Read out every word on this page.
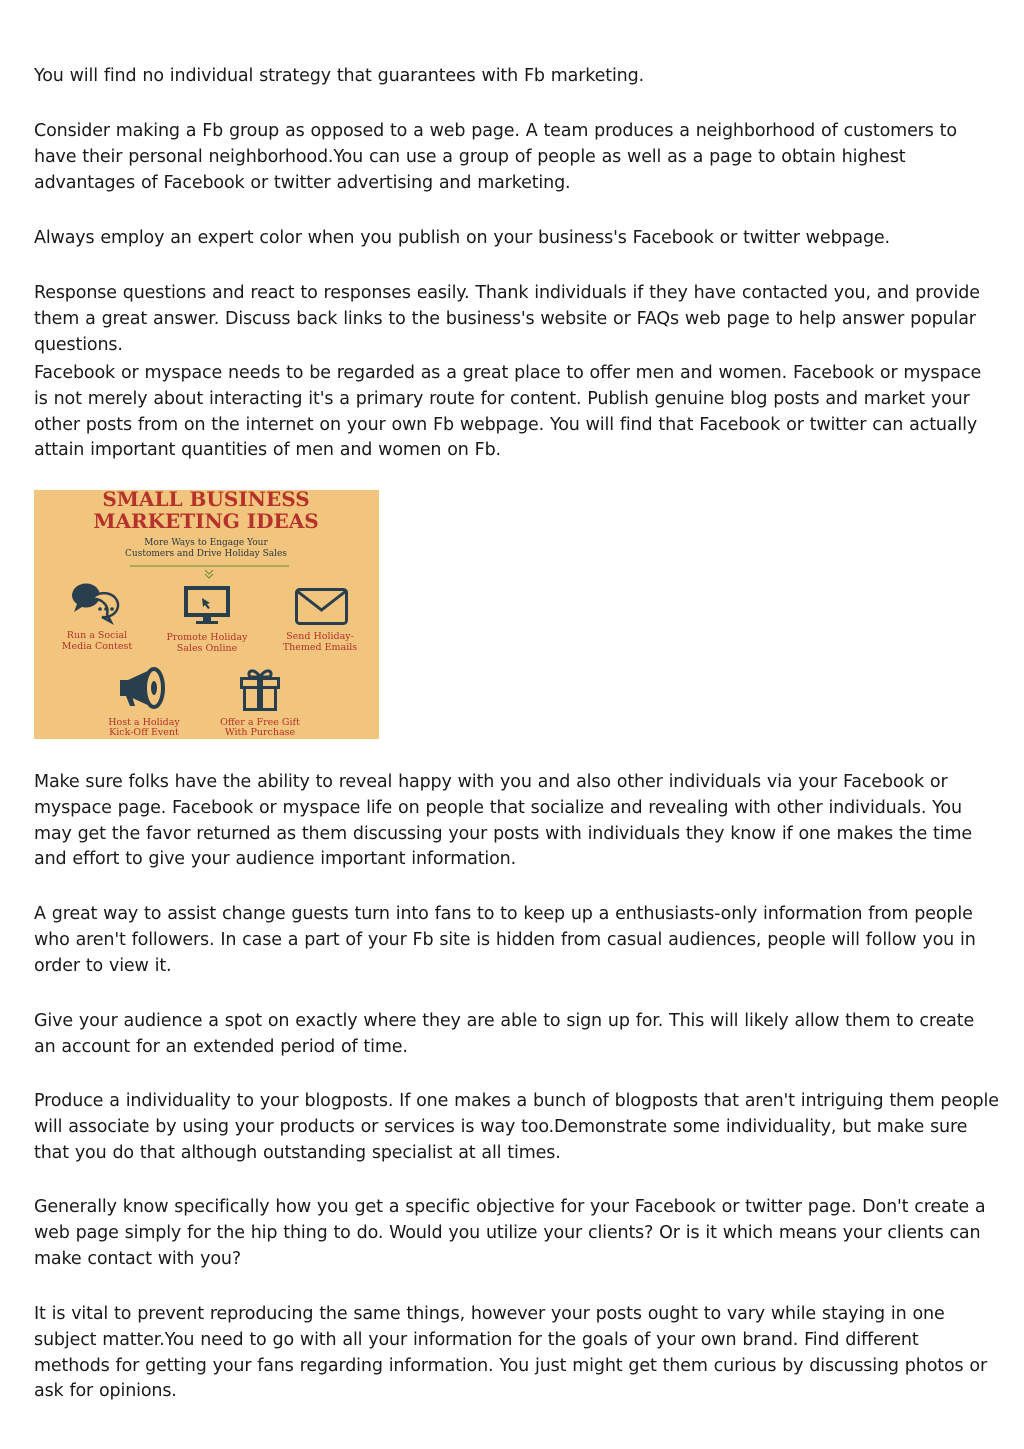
You will find no individual strategy that guarantees with Fb marketing.

Consider making a Fb group as opposed to a web page. A team produces a neighborhood of customers to have their personal neighborhood.You can use a group of people as well as a page to obtain highest advantages of Facebook or twitter advertising and marketing.

Always employ an expert color when you publish on your business's Facebook or twitter webpage.

Response questions and react to responses easily. Thank individuals if they have contacted you, and provide them a great answer. Discuss back links to the business's website or FAQs web page to help answer popular questions.

Facebook or myspace needs to be regarded as a great place to offer men and women. Facebook or myspace is not merely about interacting it's a primary route for content. Publish genuine blog posts and market your other posts from on the internet on your own Fb webpage. You will find that Facebook or twitter can actually attain important quantities of men and women on Fb.

SMALL BUSINESS
MARKETING IDEAS
More Ways to Engage Your
Customers and Drive Holiday Sales
Run a Social
Media Contest
Promote Holiday
Sales Online
Send Holiday-
Themed Emails
Host a Holiday
Kick-Off Event
Offer a Free Gift
With Purchase

Make sure folks have the ability to reveal happy with you and also other individuals via your Facebook or myspace page. Facebook or myspace life on people that socialize and revealing with other individuals. You may get the favor returned as them discussing your posts with individuals they know if one makes the time and effort to give your audience important information.

A great way to assist change guests turn into fans to to keep up a enthusiasts-only information from people who aren't followers. In case a part of your Fb site is hidden from casual audiences, people will follow you in order to view it.

Give your audience a spot on exactly where they are able to sign up for. This will likely allow them to create an account for an extended period of time.

Produce a individuality to your blogposts. If one makes a bunch of blogposts that aren't intriguing them people will associate by using your products or services is way too.Demonstrate some individuality, but make sure that you do that although outstanding specialist at all times.

Generally know specifically how you get a specific objective for your Facebook or twitter page. Don't create a web page simply for the hip thing to do. Would you utilize your clients? Or is it which means your clients can make contact with you?

It is vital to prevent reproducing the same things, however your posts ought to vary while staying in one subject matter.You need to go with all your information for the goals of your own brand. Find different methods for getting your fans regarding information. You just might get them curious by discussing photos or ask for opinions.
